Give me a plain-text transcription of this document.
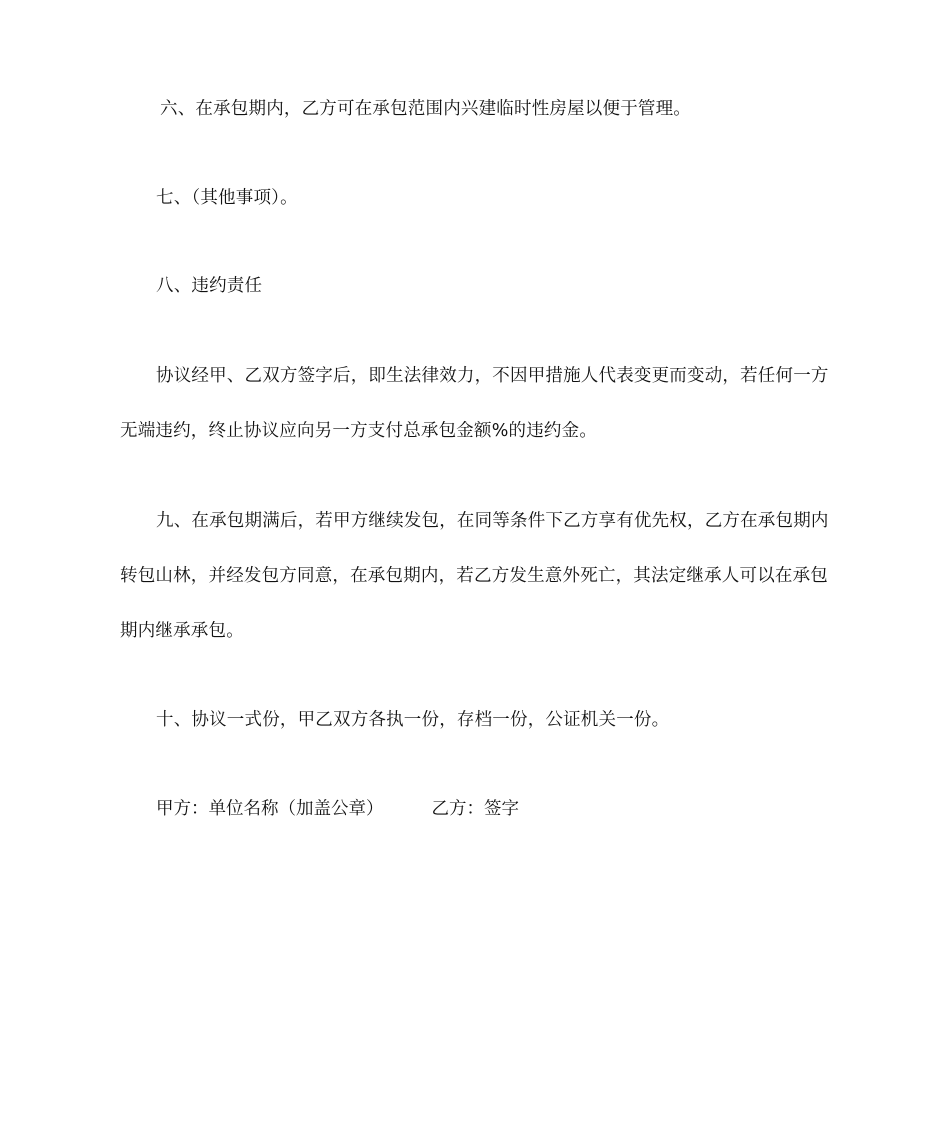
六、在承包期内，乙方可在承包范围内兴建临时性房屋以便于管理。

七、（其他事项）。

八、违约责任

协议经甲、乙双方签字后，即生法律效力，不因甲措施人代表变更而变动，若任何一方无端违约，终止协议应向另一方支付总承包金额%的违约金。

九、在承包期满后，若甲方继续发包，在同等条件下乙方享有优先权，乙方在承包期内转包山林，并经发包方同意，在承包期内，若乙方发生意外死亡，其法定继承人可以在承包期内继承承包。

十、协议一式份，甲乙双方各执一份，存档一份，公证机关一份。

甲方：单位名称（加盖公章）	乙方：签字
